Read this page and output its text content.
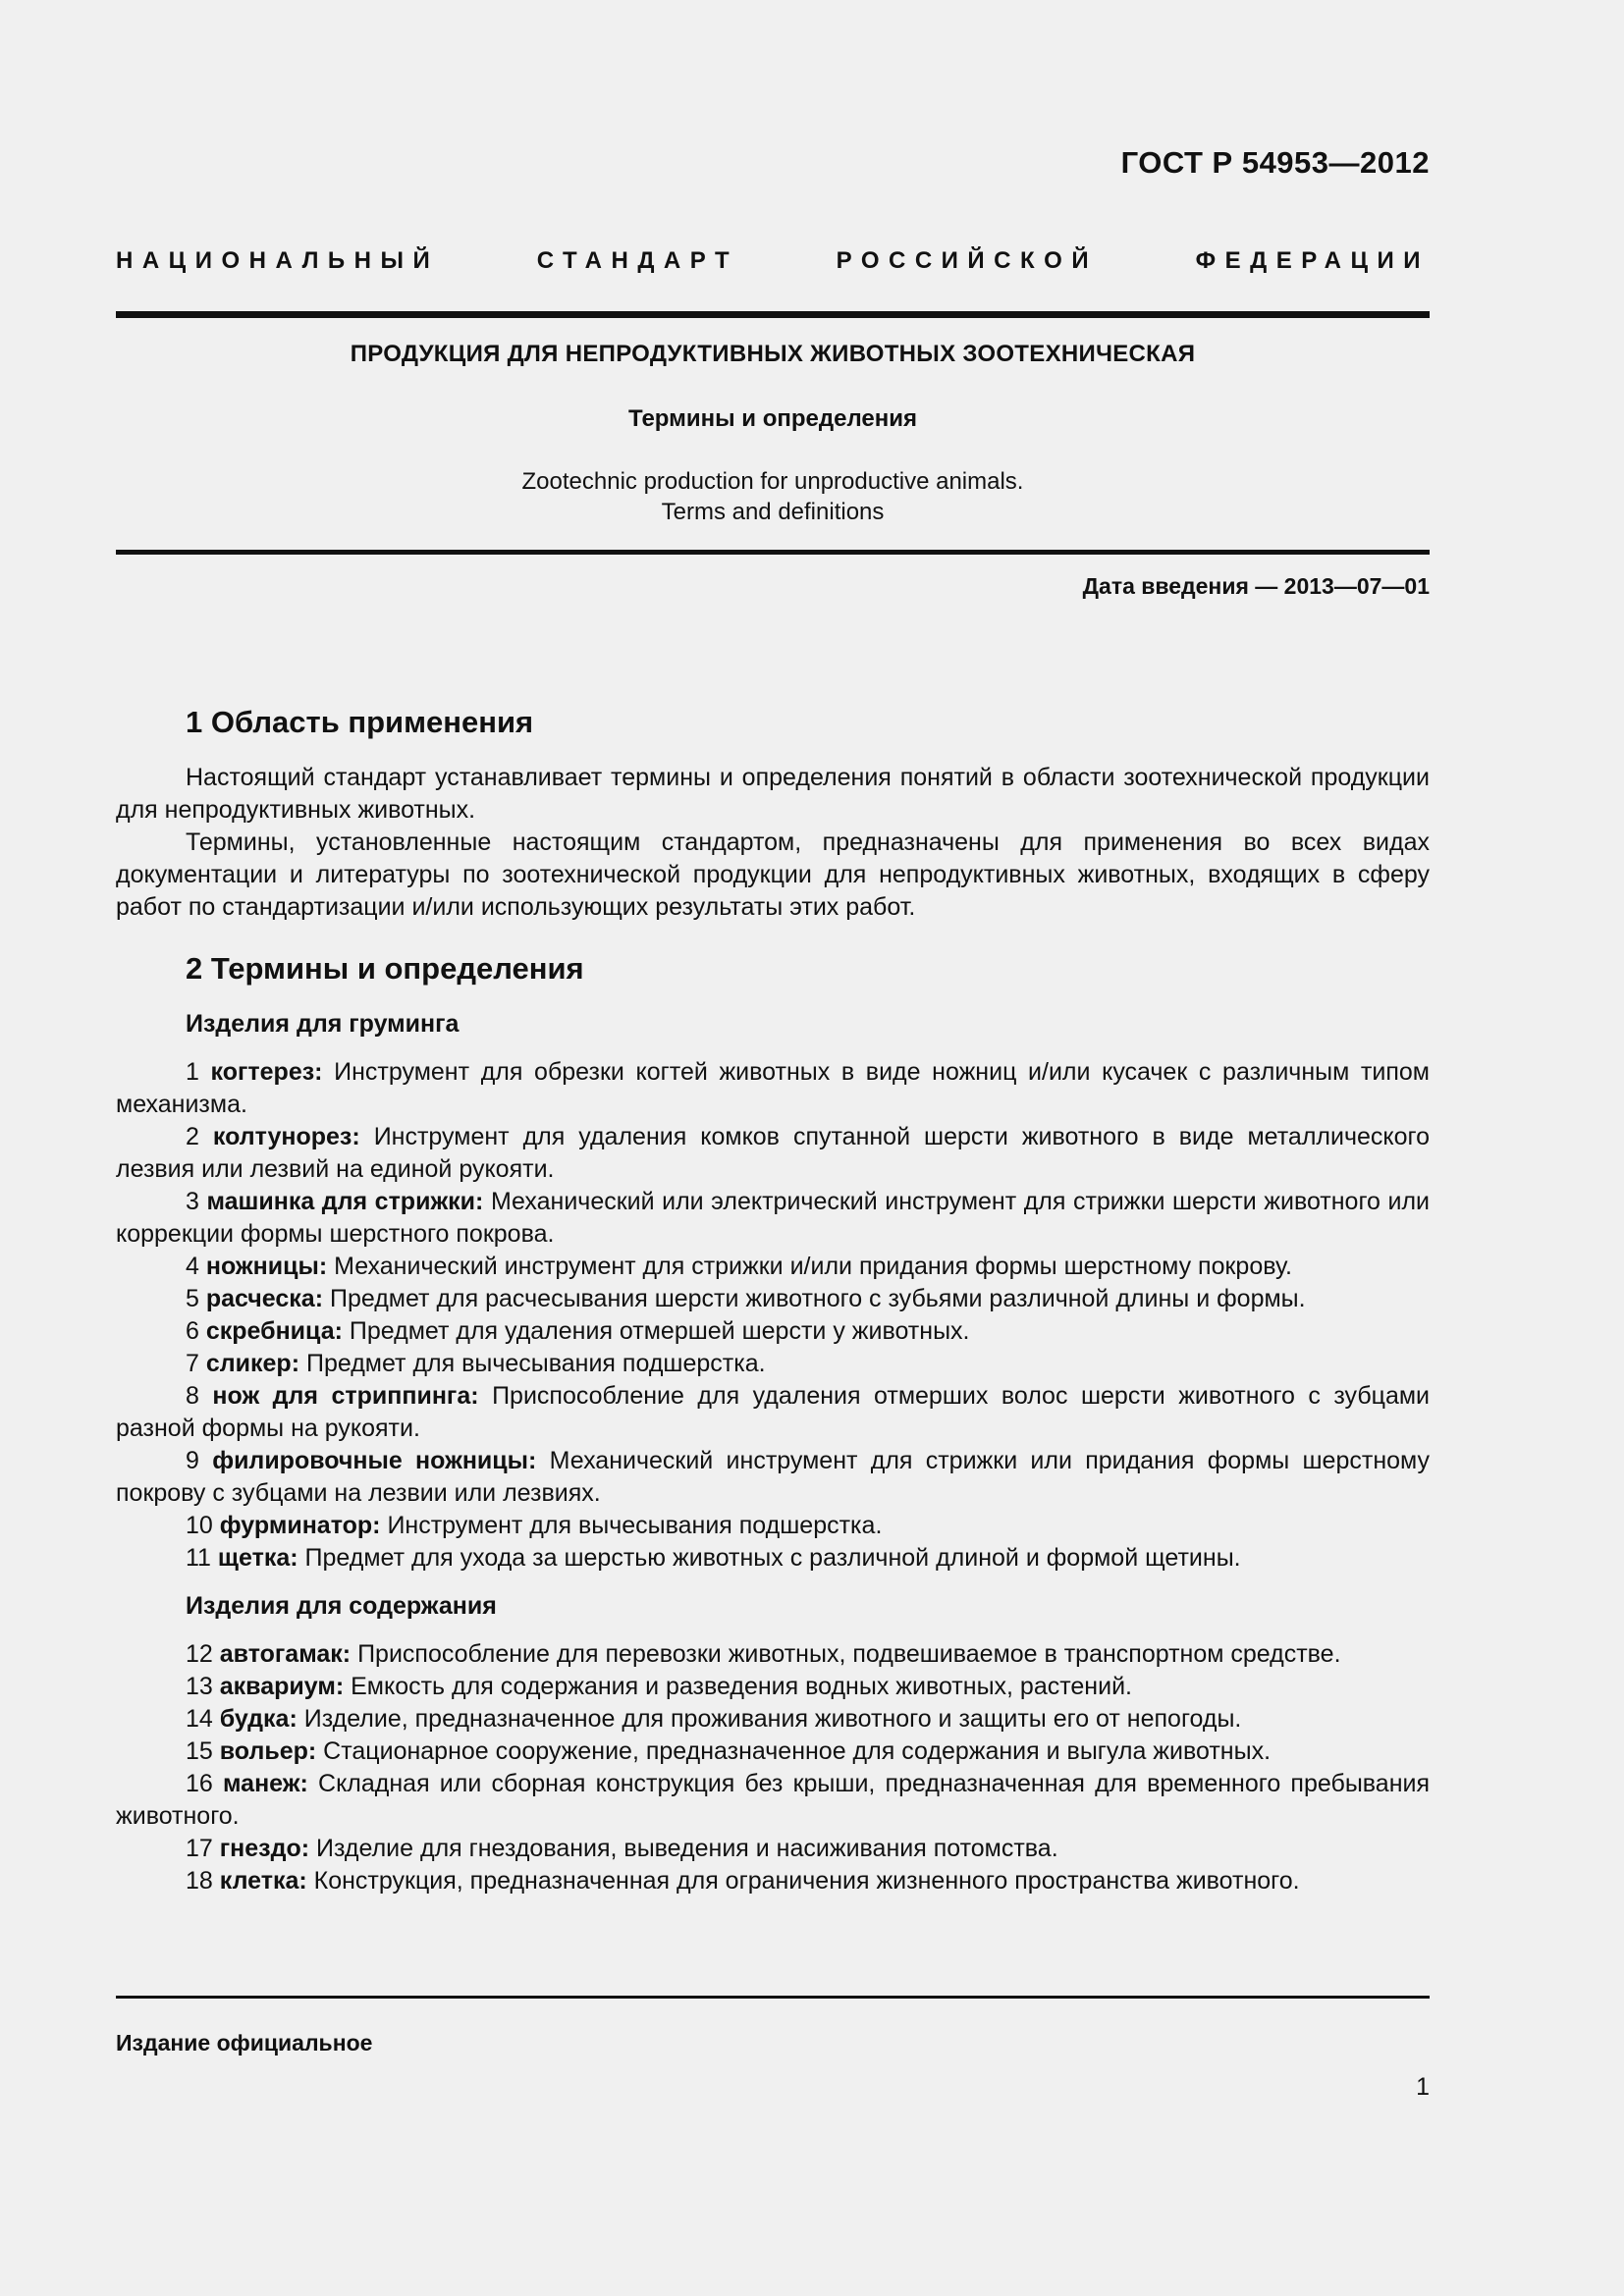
ГОСТ Р 54953—2012
НАЦИОНАЛЬНЫЙ СТАНДАРТ РОССИЙСКОЙ ФЕДЕРАЦИИ
ПРОДУКЦИЯ ДЛЯ НЕПРОДУКТИВНЫХ ЖИВОТНЫХ ЗООТЕХНИЧЕСКАЯ
Термины и определения
Zootechnic production for unproductive animals.
Terms and definitions
Дата введения — 2013—07—01
1 Область применения

Настоящий стандарт устанавливает термины и определения понятий в области зоотехнической продукции для непродуктивных животных.

Термины, установленные настоящим стандартом, предназначены для применения во всех видах документации и литературы по зоотехнической продукции для непродуктивных животных, входящих в сферу работ по стандартизации и/или использующих результаты этих работ.

2 Термины и определения
Изделия для груминга

1 когтерез: Инструмент для обрезки когтей животных в виде ножниц и/или кусачек с различным типом механизма.

2 колтунорез: Инструмент для удаления комков спутанной шерсти животного в виде металлического лезвия или лезвий на единой рукояти.

3 машинка для стрижки: Механический или электрический инструмент для стрижки шерсти животного или коррекции формы шерстного покрова.

4 ножницы: Механический инструмент для стрижки и/или придания формы шерстному покрову.

5 расческа: Предмет для расчесывания шерсти животного с зубьями различной длины и формы.

6 скребница: Предмет для удаления отмершей шерсти у животных.

7 сликер: Предмет для вычесывания подшерстка.

8 нож для стриппинга: Приспособление для удаления отмерших волос шерсти животного с зубцами разной формы на рукояти.

9 филировочные ножницы: Механический инструмент для стрижки или придания формы шерстному покрову с зубцами на лезвии или лезвиях.

10 фурминатор: Инструмент для вычесывания подшерстка.

11 щетка: Предмет для ухода за шерстью животных с различной длиной и формой щетины.

Изделия для содержания

12 автогамак: Приспособление для перевозки животных, подвешиваемое в транспортном средстве.

13 аквариум: Емкость для содержания и разведения водных животных, растений.

14 будка: Изделие, предназначенное для проживания животного и защиты его от непогоды.

15 вольер: Стационарное сооружение, предназначенное для содержания и выгула животных.

16 манеж: Складная или сборная конструкция без крыши, предназначенная для временного пребывания животного.

17 гнездо: Изделие для гнездования, выведения и насиживания потомства.

18 клетка: Конструкция, предназначенная для ограничения жизненного пространства животного.

Издание официальное
1
